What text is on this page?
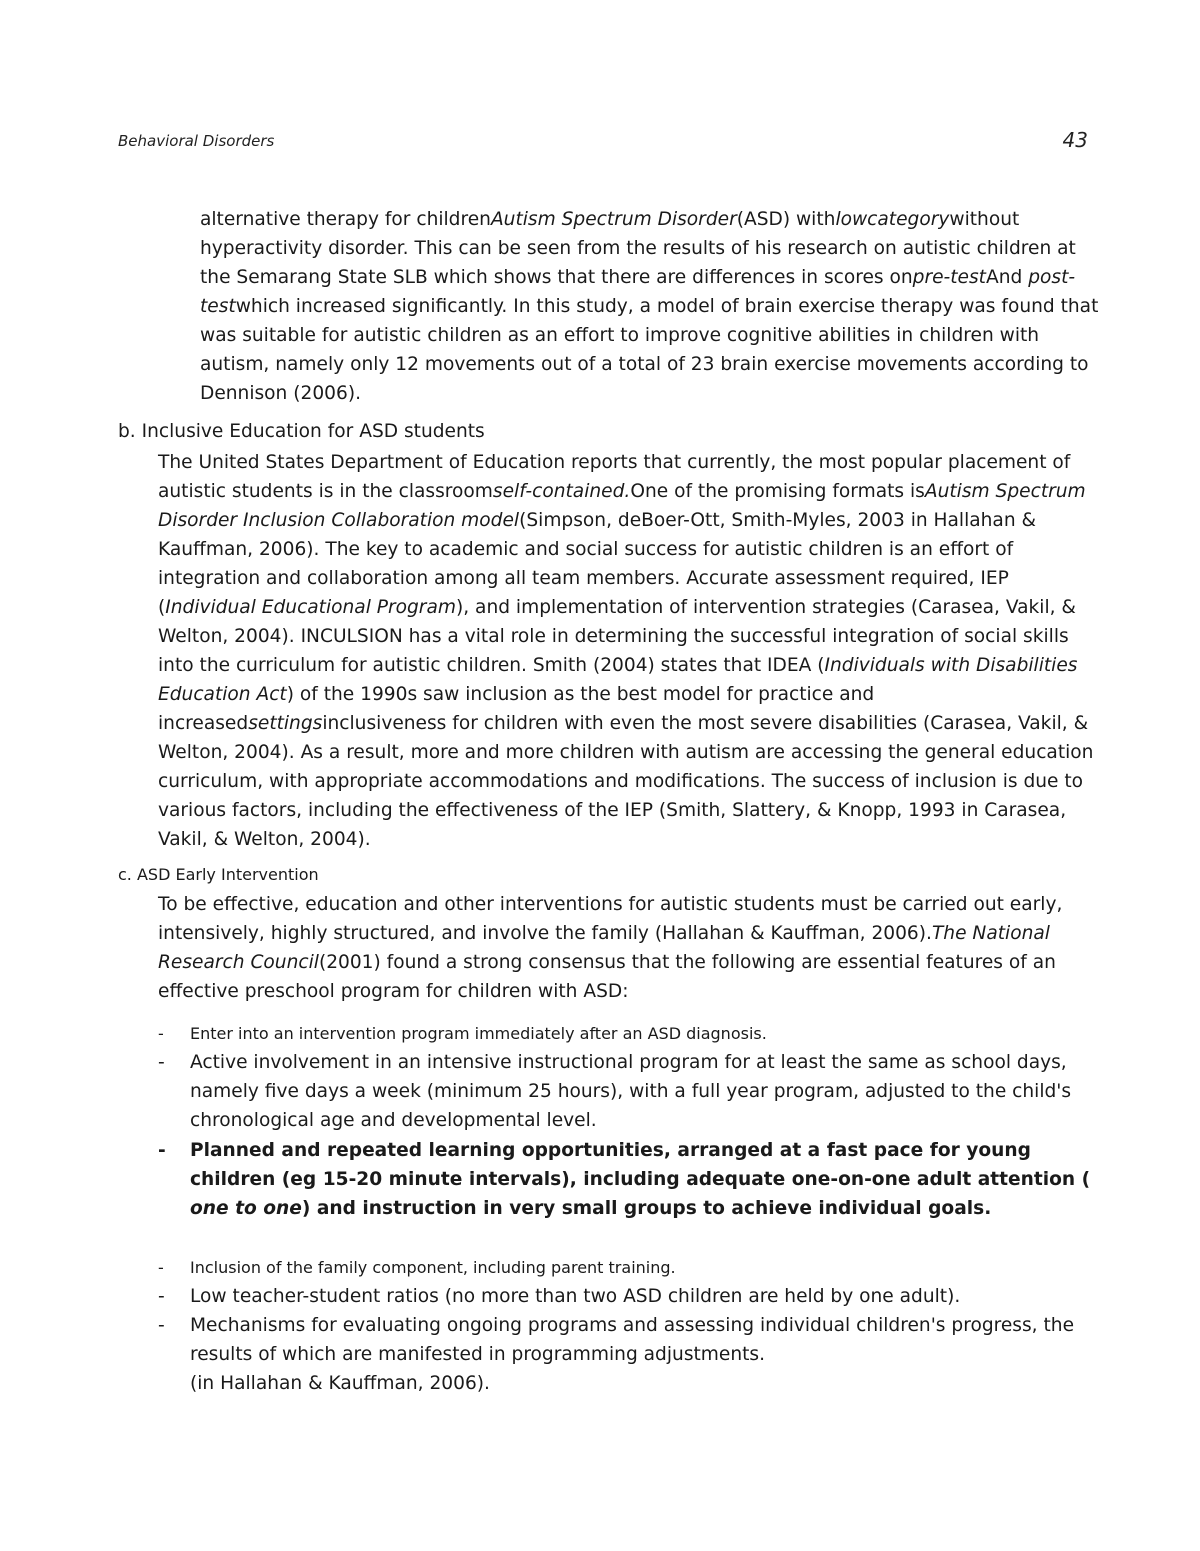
Behavioral Disorders	43

alternative therapy for childrenAutism Spectrum Disorder(ASD) withlowcategorywithout hyperactivity disorder. This can be seen from the results of his research on autistic children at the Semarang State SLB which shows that there are differences in scores onpre-testAnd post-testwhich increased significantly. In this study, a model of brain exercise therapy was found that was suitable for autistic children as an effort to improve cognitive abilities in children with autism, namely only 12 movements out of a total of 23 brain exercise movements according to Dennison (2006).

b. Inclusive Education for ASD students

The United States Department of Education reports that currently, the most popular placement of autistic students is in the classroomself-contained.One of the promising formats isAutism Spectrum Disorder Inclusion Collaboration model(Simpson, deBoer-Ott, Smith-Myles, 2003 in Hallahan & Kauffman, 2006). The key to academic and social success for autistic children is an effort of integration and collaboration among all team members. Accurate assessment required, IEP (Individual Educational Program), and implementation of intervention strategies (Carasea, Vakil, & Welton, 2004). INCULSION has a vital role in determining the successful integration of social skills into the curriculum for autistic children. Smith (2004) states that IDEA (Individuals with Disabilities Education Act) of the 1990s saw inclusion as the best model for practice and increasedsettingsinclusiveness for children with even the most severe disabilities (Carasea, Vakil, & Welton, 2004). As a result, more and more children with autism are accessing the general education curriculum, with appropriate accommodations and modifications. The success of inclusion is due to various factors, including the effectiveness of the IEP (Smith, Slattery, & Knopp, 1993 in Carasea, Vakil, & Welton, 2004).

c. ASD Early Intervention

To be effective, education and other interventions for autistic students must be carried out early, intensively, highly structured, and involve the family (Hallahan & Kauffman, 2006).The National Research Council(2001) found a strong consensus that the following are essential features of an effective preschool program for children with ASD:

- Enter into an intervention program immediately after an ASD diagnosis.
- Active involvement in an intensive instructional program for at least the same as school days, namely five days a week (minimum 25 hours), with a full year program, adjusted to the child's chronological age and developmental level.
- Planned and repeated learning opportunities, arranged at a fast pace for young children (eg 15-20 minute intervals), including adequate one-on-one adult attention ( one to one) and instruction in very small groups to achieve individual goals.
- Inclusion of the family component, including parent training.
- Low teacher-student ratios (no more than two ASD children are held by one adult).
- Mechanisms for evaluating ongoing programs and assessing individual children's progress, the results of which are manifested in programming adjustments.
(in Hallahan & Kauffman, 2006).
